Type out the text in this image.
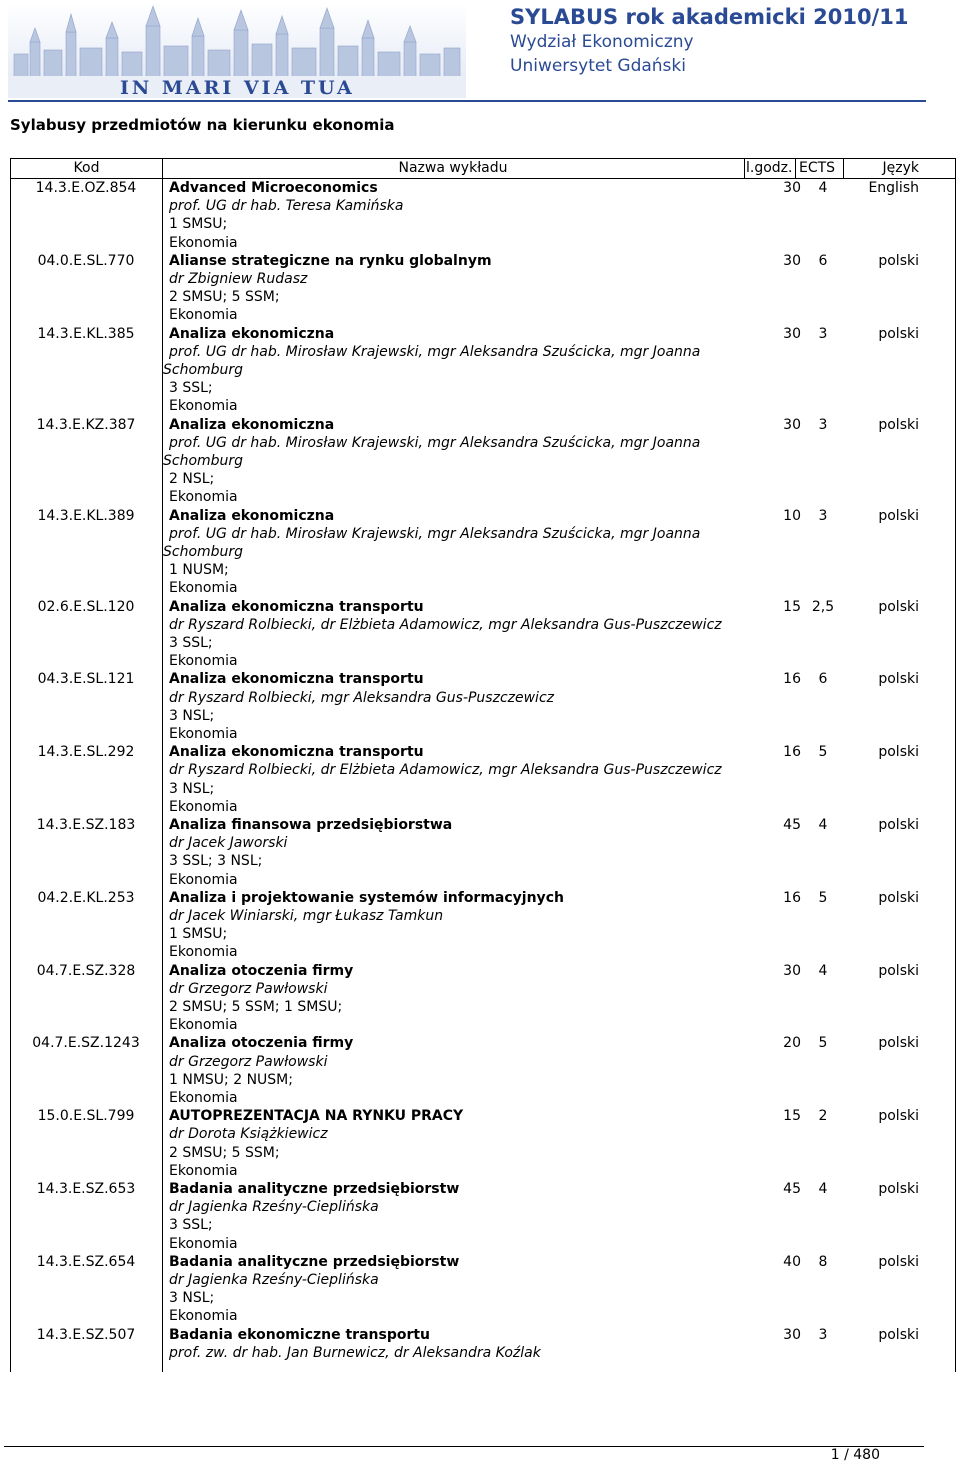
IN MARI VIA TUA
SYLABUS rok akademicki 2010/11
Wydział Ekonomiczny
Uniwersytet Gdański
Sylabusy przedmiotów na kierunku ekonomia
Kod	Nazwa wykładu	l.godz. ECTS	Język
14.3.E.OZ.854	Advanced Microeconomics
prof. UG dr hab. Teresa Kamińska
1 SMSU;
Ekonomia
30	4	English
04.0.E.SL.770	Alianse strategiczne na rynku globalnym
dr Zbigniew Rudasz
2 SMSU; 5 SSM;
Ekonomia
30	6	polski
14.3.E.KL.385	Analiza ekonomiczna
prof. UG dr hab. Mirosław Krajewski, mgr Aleksandra Szuścicka, mgr Joanna
Schomburg
3 SSL;
Ekonomia
30	3	polski
14.3.E.KZ.387	Analiza ekonomiczna
prof. UG dr hab. Mirosław Krajewski, mgr Aleksandra Szuścicka, mgr Joanna
Schomburg
2 NSL;
Ekonomia
30	3	polski
14.3.E.KL.389	Analiza ekonomiczna
prof. UG dr hab. Mirosław Krajewski, mgr Aleksandra Szuścicka, mgr Joanna
Schomburg
1 NUSM;
Ekonomia
10	3	polski
02.6.E.SL.120	Analiza ekonomiczna transportu
dr Ryszard Rolbiecki, dr Elżbieta Adamowicz, mgr Aleksandra Gus-Puszczewicz
3 SSL;
Ekonomia
15 2,5	polski
04.3.E.SL.121	Analiza ekonomiczna transportu
dr Ryszard Rolbiecki, mgr Aleksandra Gus-Puszczewicz
3 NSL;
Ekonomia
16	6	polski
14.3.E.SL.292	Analiza ekonomiczna transportu
dr Ryszard Rolbiecki, dr Elżbieta Adamowicz, mgr Aleksandra Gus-Puszczewicz
3 NSL;
Ekonomia
16	5	polski
14.3.E.SZ.183	Analiza finansowa przedsiębiorstwa
dr Jacek Jaworski
3 SSL; 3 NSL;
Ekonomia
45	4	polski
04.2.E.KL.253	Analiza i projektowanie systemów informacyjnych
dr Jacek Winiarski, mgr Łukasz Tamkun
1 SMSU;
Ekonomia
16	5	polski
04.7.E.SZ.328	Analiza otoczenia firmy
dr Grzegorz Pawłowski
2 SMSU; 5 SSM; 1 SMSU;
Ekonomia
30	4	polski
04.7.E.SZ.1243	Analiza otoczenia firmy
dr Grzegorz Pawłowski
1 NMSU; 2 NUSM;
Ekonomia
20	5	polski
15.0.E.SL.799	AUTOPREZENTACJA NA RYNKU PRACY
dr Dorota Książkiewicz
2 SMSU; 5 SSM;
Ekonomia
15	2	polski
14.3.E.SZ.653	Badania analityczne przedsiębiorstw
dr Jagienka Rześny-Cieplińska
3 SSL;
Ekonomia
45	4	polski
14.3.E.SZ.654	Badania analityczne przedsiębiorstw
dr Jagienka Rześny-Cieplińska
3 NSL;
Ekonomia
40	8	polski
14.3.E.SZ.507	Badania ekonomiczne transportu
prof. zw. dr hab. Jan Burnewicz, dr Aleksandra Koźlak
30	3	polski
1 / 480
